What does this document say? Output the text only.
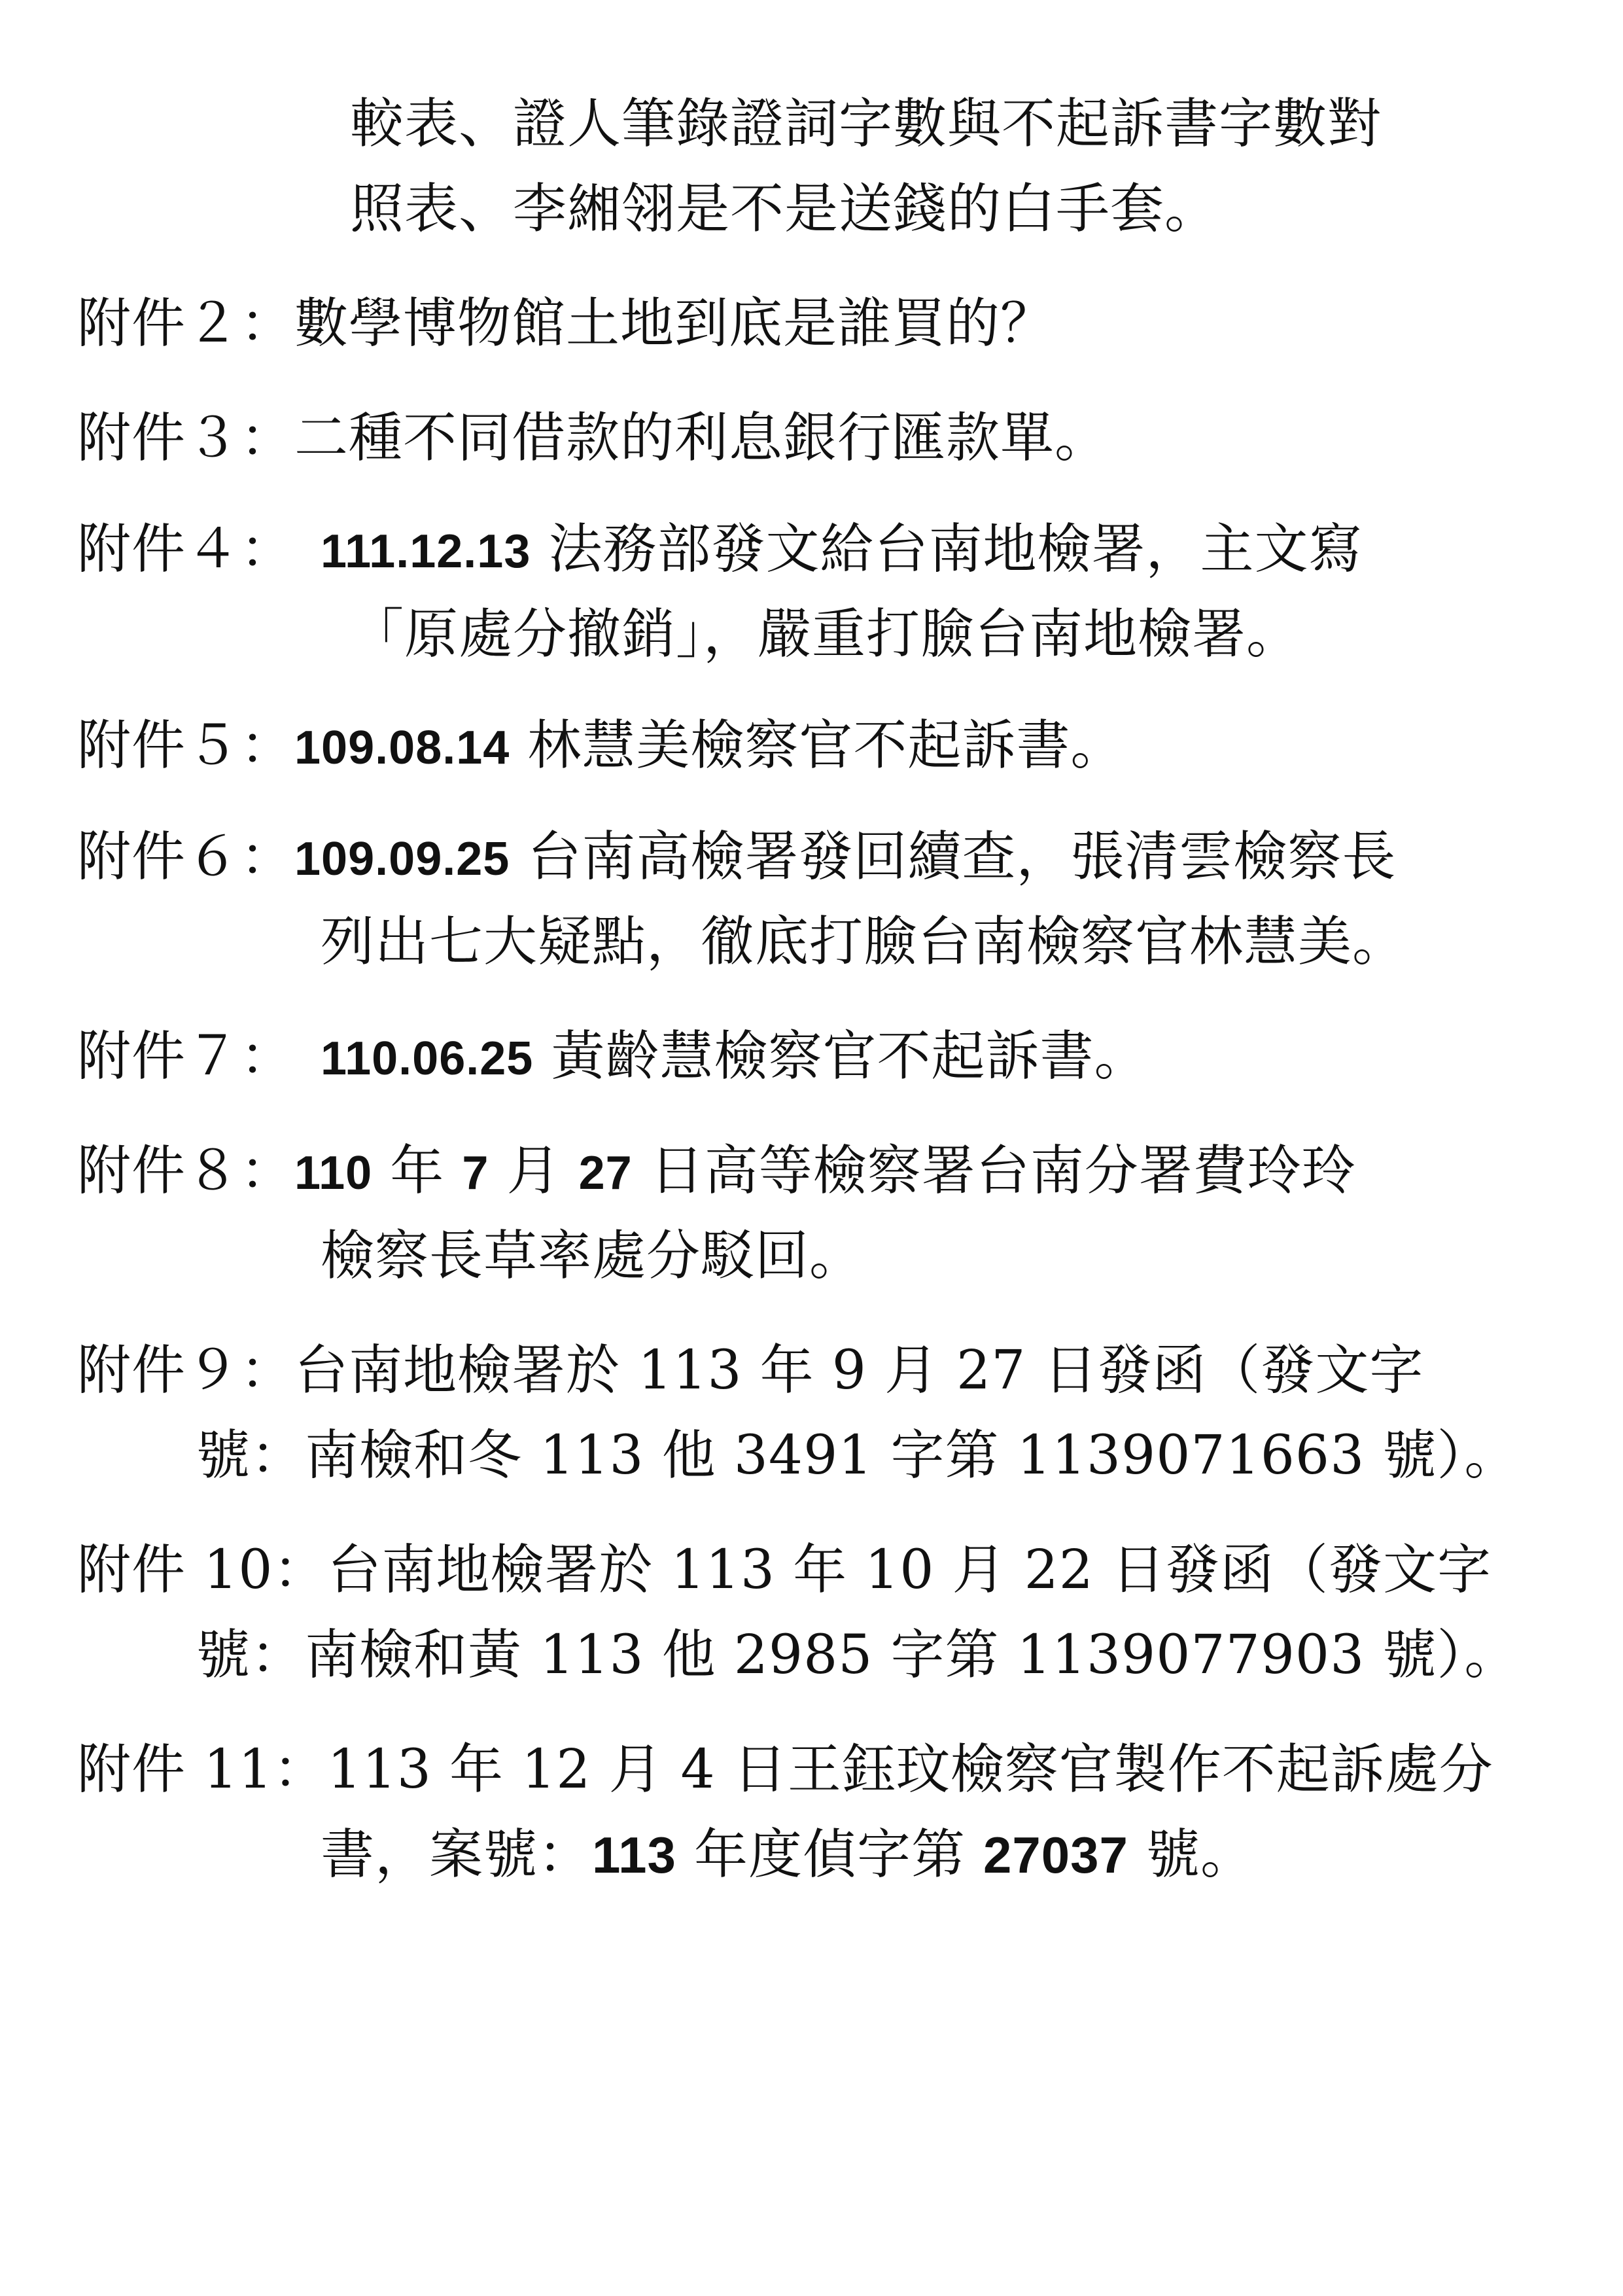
較表、證人筆錄證詞字數與不起訴書字數對
照表、李緗翎是不是送錢的白手套。
附件２：數學博物館土地到底是誰買的？
附件３：二種不同借款的利息銀行匯款單。
附件４： 111.12.13 法務部發文給台南地檢署，主文寫
「原處分撤銷」，嚴重打臉台南地檢署。
附件５：109.08.14 林慧美檢察官不起訴書。
附件６：109.09.25 台南高檢署發回續查，張清雲檢察長
列出七大疑點，徹底打臉台南檢察官林慧美。
附件７： 110.06.25 黃齡慧檢察官不起訴書。
附件８：110 年 7 月 27 日高等檢察署台南分署費玲玲
檢察長草率處分駁回。
附件９：台南地檢署於 113 年 9 月 27 日發函（發文字
號：南檢和冬 113 他 3491 字第 1139071663 號）。
附件 10：台南地檢署於 113 年 10 月 22 日發函（發文字
號：南檢和黃 113 他 2985 字第 1139077903 號）。
附件 11：113 年 12 月 4 日王鈺玟檢察官製作不起訴處分
書，案號：113 年度偵字第 27037 號。
